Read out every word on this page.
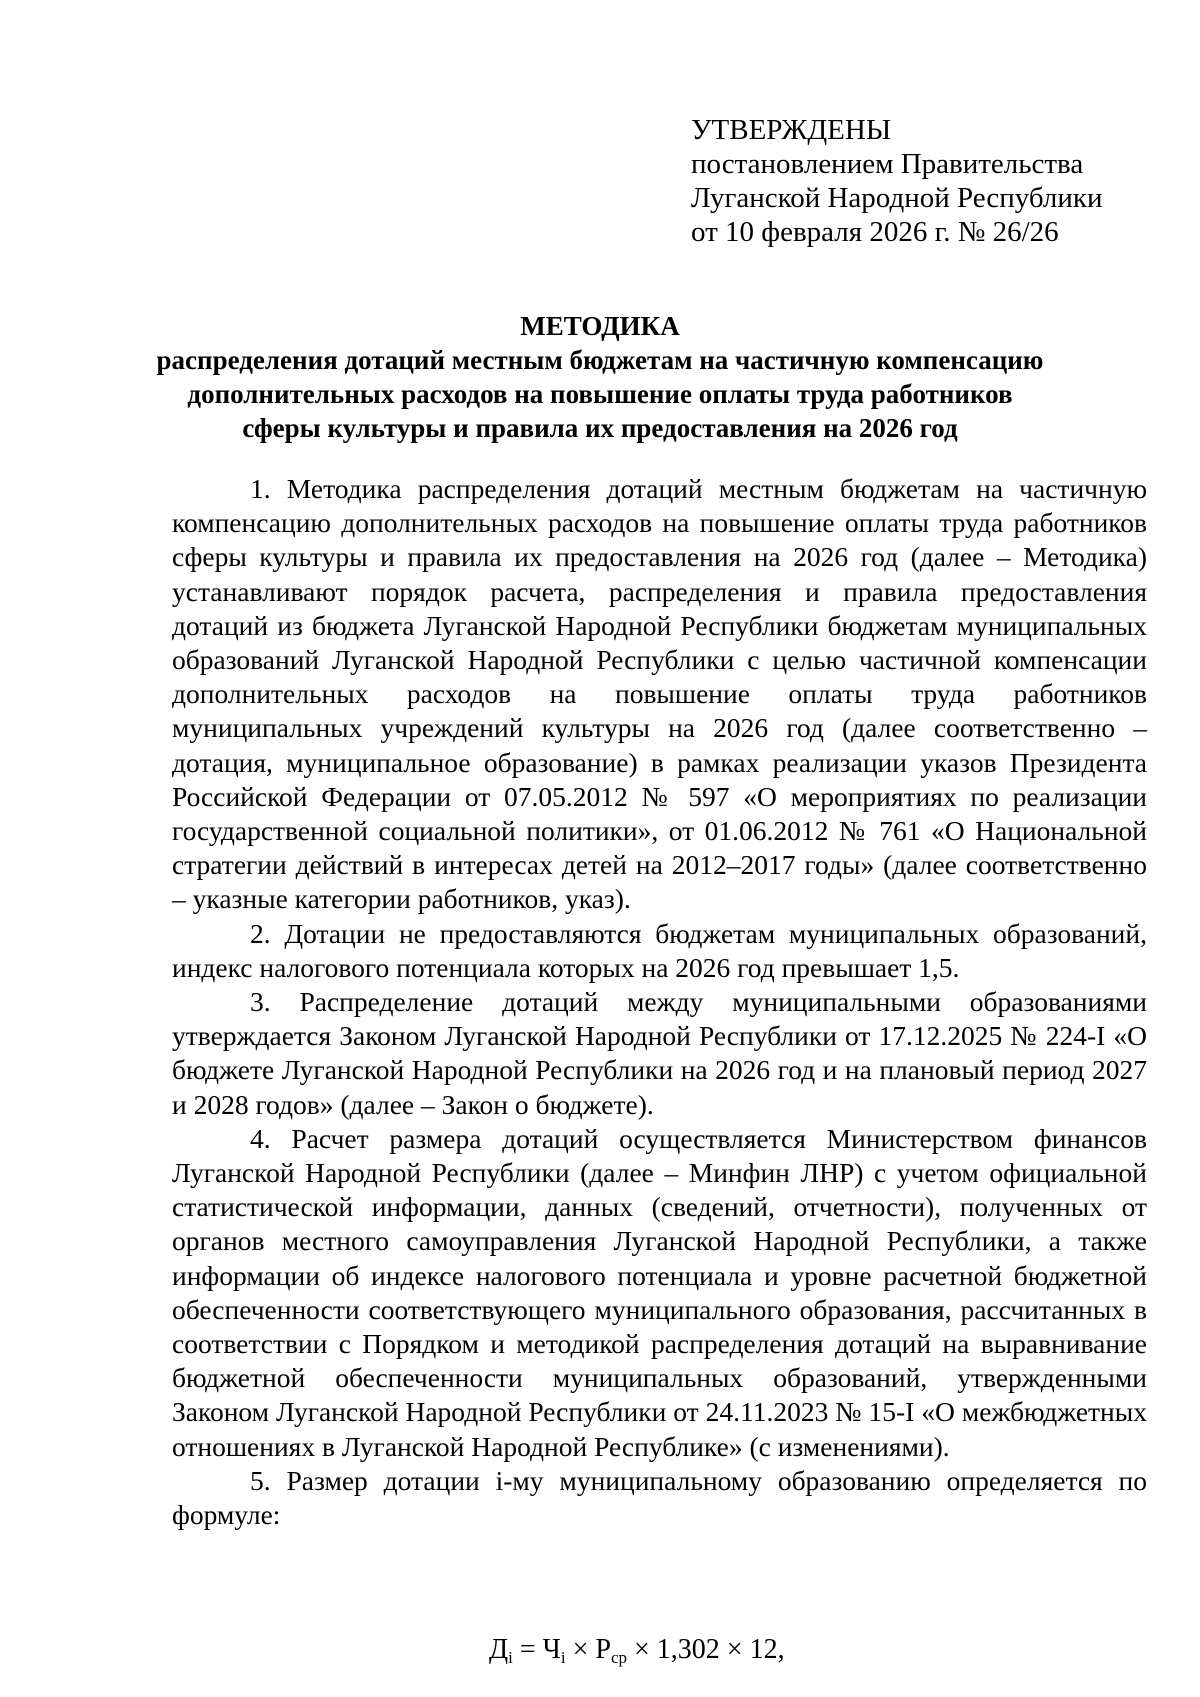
УТВЕРЖДЕНЫ
постановлением Правительства
Луганской Народной Республики
от 10 февраля 2026 г. № 26/26
МЕТОДИКА
распределения дотаций местным бюджетам на частичную компенсацию
дополнительных расходов на повышение оплаты труда работников
сферы культуры и правила их предоставления на 2026 год

1. Методика распределения дотаций местным бюджетам на частичную компенсацию дополнительных расходов на повышение оплаты труда работников сферы культуры и правила их предоставления на 2026 год (далее – Методика) устанавливают порядок расчета, распределения и правила предоставления дотаций из бюджета Луганской Народной Республики бюджетам муниципальных образований Луганской Народной Республики с целью частичной компенсации дополнительных расходов на повышение оплаты труда работников муниципальных учреждений культуры на 2026 год (далее соответственно – дотация, муниципальное образование) в рамках реализации указов Президента Российской Федерации от 07.05.2012 № 597 «О мероприятиях по реализации государственной социальной политики», от 01.06.2012 № 761 «О Национальной стратегии действий в интересах детей на 2012–2017 годы» (далее соответственно – указные категории работников, указ).

2. Дотации не предоставляются бюджетам муниципальных образований, индекс налогового потенциала которых на 2026 год превышает 1,5.

3. Распределение дотаций между муниципальными образованиями утверждается Законом Луганской Народной Республики от 17.12.2025 № 224-I «О бюджете Луганской Народной Республики на 2026 год и на плановый период 2027 и 2028 годов» (далее – Закон о бюджете).

4. Расчет размера дотаций осуществляется Министерством финансов Луганской Народной Республики (далее – Минфин ЛНР) с учетом официальной статистической информации, данных (сведений, отчетности), полученных от органов местного самоуправления Луганской Народной Республики, а также информации об индексе налогового потенциала и уровне расчетной бюджетной обеспеченности соответствующего муниципального образования, рассчитанных в соответствии с Порядком и методикой распределения дотаций на выравнивание бюджетной обеспеченности муниципальных образований, утвержденными Законом Луганской Народной Республики от 24.11.2023 № 15-I «О межбюджетных отношениях в Луганской Народной Республике» (с изменениями).

5. Размер дотации i-му муниципальному образованию определяется по формуле:

$Д_i = Ч_i \times Р_{ср} \times 1,302 \times 12$,
